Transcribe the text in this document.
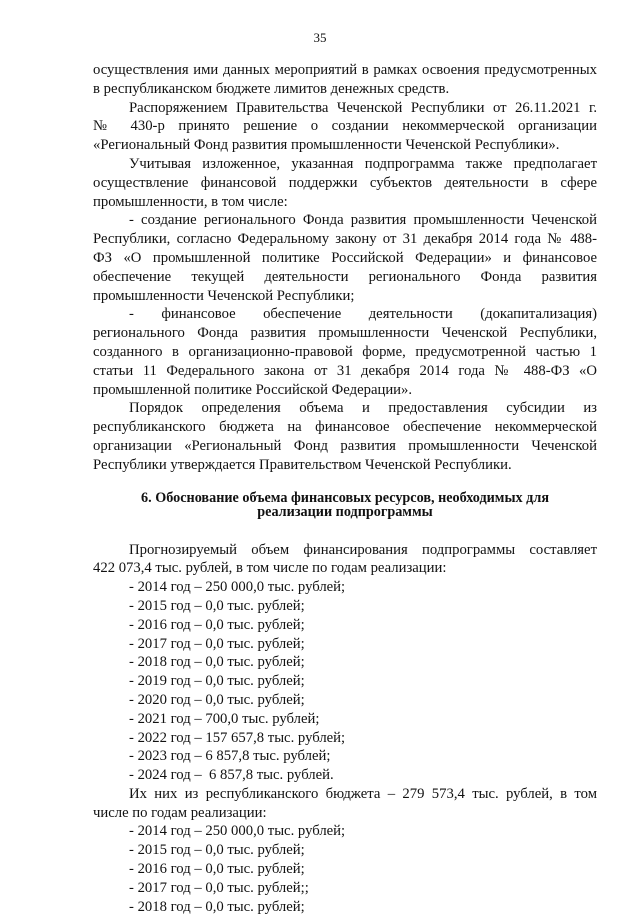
35

осуществления ими данных мероприятий в рамках освоения предусмотренных

в республиканском бюджете лимитов денежных средств.

Распоряжением Правительства Чеченской Республики от 26.11.2021 г.

№ 430-р принято решение о создании некоммерческой организации

«Региональный Фонд развития промышленности Чеченской Республики».

Учитывая изложенное, указанная подпрограмма также предполагает

осуществление финансовой поддержки субъектов деятельности в сфере

промышленности, в том числе:

- создание регионального Фонда развития промышленности Чеченской

Республики, согласно Федеральному закону от 31 декабря 2014 года № 488-

ФЗ «О промышленной политике Российской Федерации» и финансовое

обеспечение текущей деятельности регионального Фонда развития

промышленности Чеченской Республики;

- финансовое обеспечение деятельности (докапитализация)

регионального Фонда развития промышленности Чеченской Республики,

созданного в организационно-правовой форме, предусмотренной частью 1

статьи 11 Федерального закона от 31 декабря 2014 года № 488-ФЗ «О

промышленной политике Российской Федерации».

Порядок определения объема и предоставления субсидии из

республиканского бюджета на финансовое обеспечение некоммерческой

организации «Региональный Фонд развития промышленности Чеченской

Республики утверждается Правительством Чеченской Республики.

6. Обоснование объема финансовых ресурсов, необходимых для
реализации подпрограммы

Прогнозируемый объем финансирования подпрограммы составляет

422 073,4 тыс. рублей, в том числе по годам реализации:

- 2014 год – 250 000,0 тыс. рублей;
- 2015 год – 0,0 тыс. рублей;
- 2016 год – 0,0 тыс. рублей;
- 2017 год – 0,0 тыс. рублей;
- 2018 год – 0,0 тыс. рублей;
- 2019 год – 0,0 тыс. рублей;
- 2020 год – 0,0 тыс. рублей;
- 2021 год – 700,0 тыс. рублей;
- 2022 год – 157 657,8 тыс. рублей;
- 2023 год – 6 857,8 тыс. рублей;
- 2024 год –  6 857,8 тыс. рублей.

Их них из республиканского бюджета – 279 573,4 тыс. рублей, в том

числе по годам реализации:

- 2014 год – 250 000,0 тыс. рублей;
- 2015 год – 0,0 тыс. рублей;
- 2016 год – 0,0 тыс. рублей;
- 2017 год – 0,0 тыс. рублей;;
- 2018 год – 0,0 тыс. рублей;
